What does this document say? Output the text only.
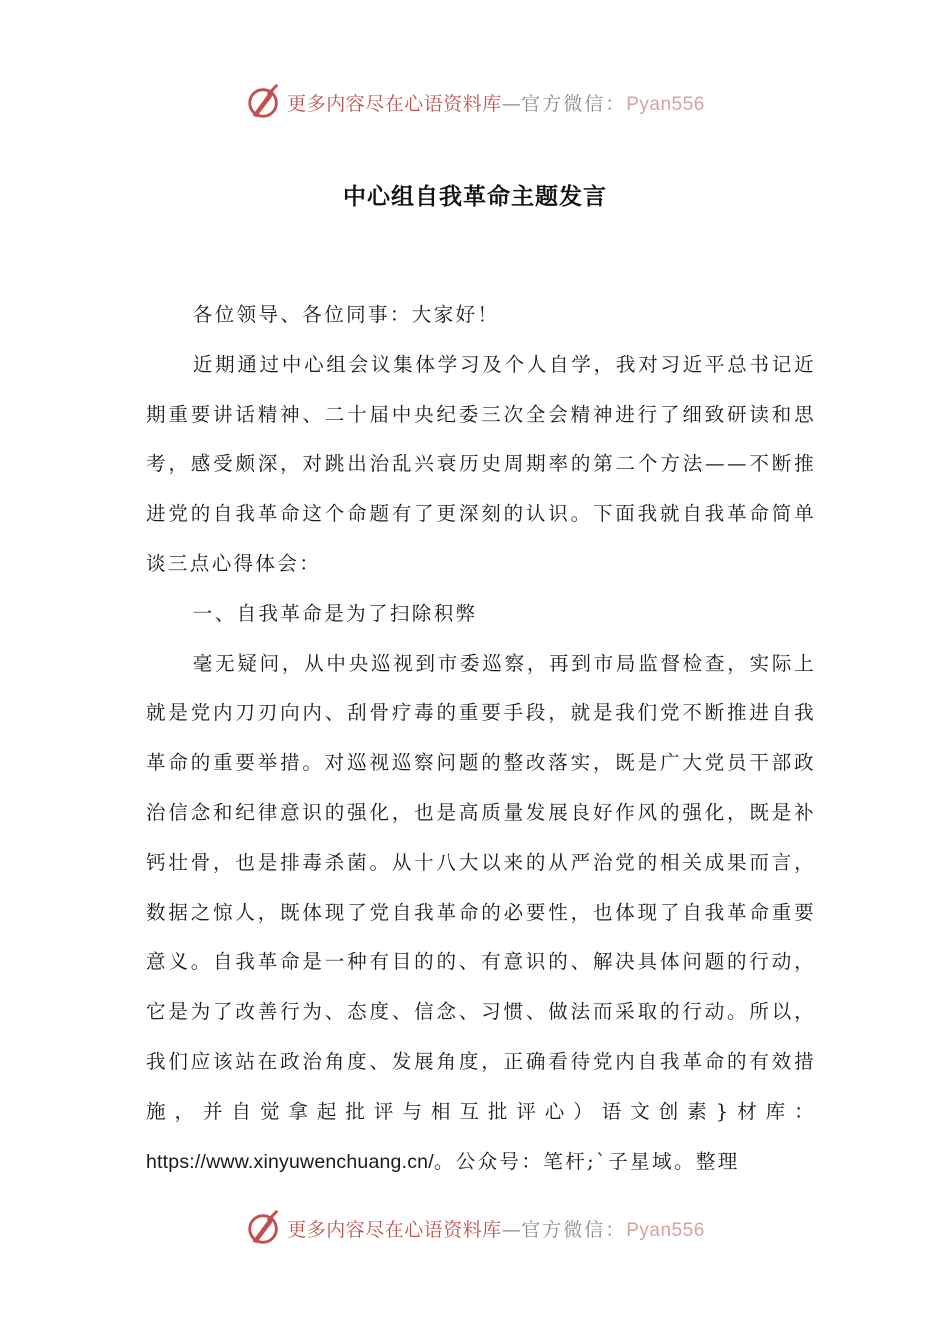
更多内容尽在心语资料库—官方微信：Pyan556
中心组自我革命主题发言

各位领导、各位同事：大家好！

近期通过中心组会议集体学习及个人自学，我对习近平总书记近期重要讲话精神、二十届中央纪委三次全会精神进行了细致研读和思考，感受颇深，对跳出治乱兴衰历史周期率的第二个方法——不断推进党的自我革命这个命题有了更深刻的认识。下面我就自我革命简单谈三点心得体会：

一、自我革命是为了扫除积弊

毫无疑问，从中央巡视到市委巡察，再到市局监督检查，实际上就是党内刀刃向内、刮骨疗毒的重要手段，就是我们党不断推进自我革命的重要举措。对巡视巡察问题的整改落实，既是广大党员干部政治信念和纪律意识的强化，也是高质量发展良好作风的强化，既是补钙壮骨，也是排毒杀菌。从十八大以来的从严治党的相关成果而言，数据之惊人，既体现了党自我革命的必要性，也体现了自我革命重要意义。自我革命是一种有目的的、有意识的、解决具体问题的行动，它是为了改善行为、态度、信念、习惯、做法而采取的行动。所以，我们应该站在政治角度、发展角度，正确看待党内自我革命的有效措施，并自觉拿起批评与相互批评心）语文创素}材库：https://www.xinyuwenchuang.cn/。公众号：笔杆;`子星域。整理

更多内容尽在心语资料库—官方微信：Pyan556
